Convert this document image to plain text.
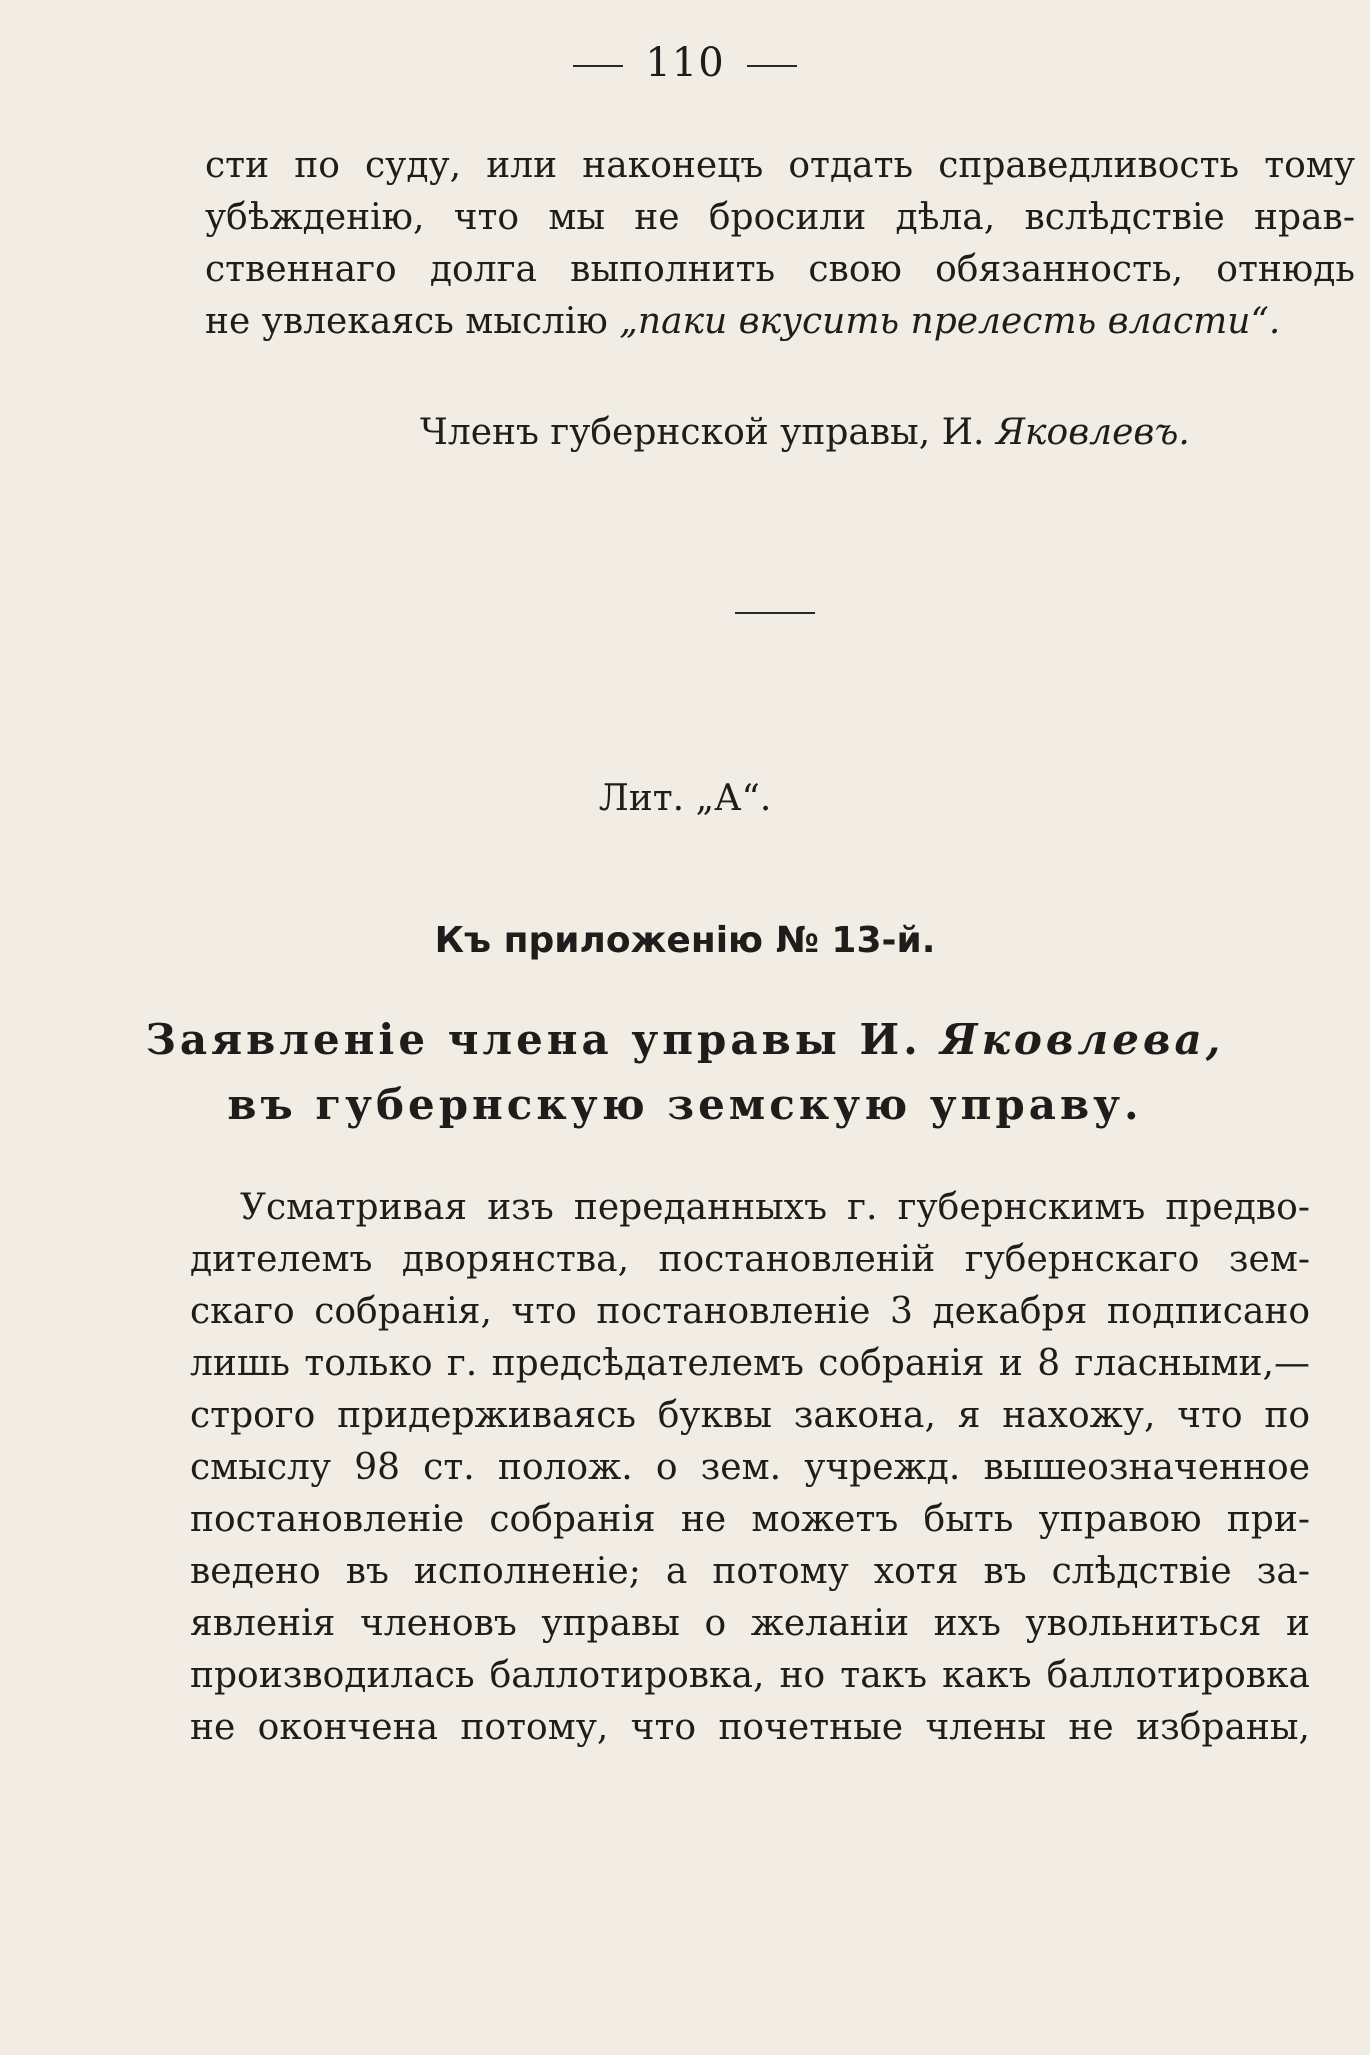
110
сти по суду, или наконецъ отдать справедливость тому
убѣжденію, что мы не бросили дѣла, вслѣдствіе нрав-
ственнаго долга выполнить свою обязанность, отнюдь
не увлекаясь мыслію „паки вкусить прелесть власти“.
Членъ губернской управы, И. Яковлевъ.
Лит. „А“.
Къ приложенію № 13-й.
Заявленіе члена управы И. Яковлева,
въ губернскую земскую управу.
Усматривая изъ переданныхъ г. губернскимъ предво-
дителемъ дворянства, постановленій губернскаго зем-
скаго собранія, что постановленіе 3 декабря подписано
лишь только г. предсѣдателемъ собранія и 8 гласными,—
строго придерживаясь буквы закона, я нахожу, что по
смыслу 98 ст. полож. о зем. учрежд. вышеозначенное
постановленіе собранія не можетъ быть управою при-
ведено въ исполненіе; а потому хотя въ слѣдствіе за-
явленія членовъ управы о желаніи ихъ увольниться и
производилась баллотировка, но такъ какъ баллотировка
не окончена потому, что почетные члены не избраны,
